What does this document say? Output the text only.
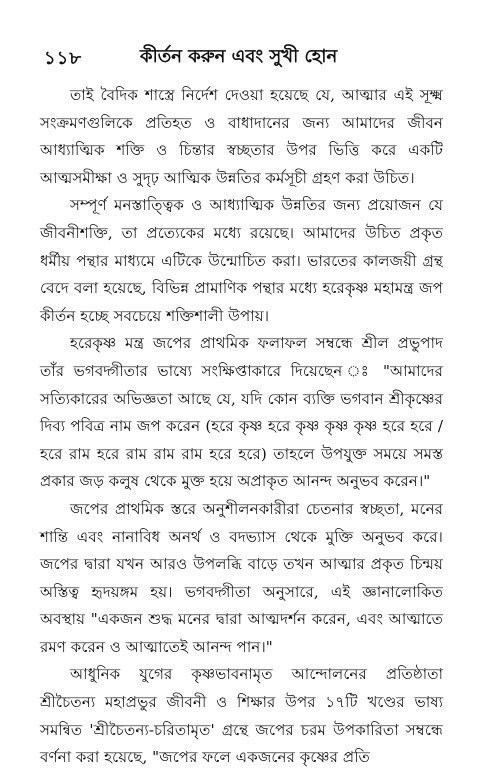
১১৮	কীর্তন করুন এবং সুখী হোন

তাই বৈদিক শাস্ত্রে নির্দেশ দেওয়া হয়েছে যে, আত্মার এই সূক্ষ্ম সংক্রমণগুলিকে প্রতিহত ও বাধাদানের জন্য আমাদের জীবন আধ্যাত্মিক শক্তি ও চিন্তার স্বচ্ছতার উপর ভিত্তি করে একটি আত্মসমীক্ষা ও সুদৃঢ় আত্মিক উন্নতির কর্মসূচী গ্রহণ করা উচিত।

সম্পূর্ণ মনস্তাত্ত্বিক ও আধ্যাত্মিক উন্নতির জন্য প্রয়োজন যে জীবনীশক্তি, তা প্রত্যেকের মধ্যে রয়েছে। আমাদের উচিত প্রকৃত ধর্মীয় পন্থার মাধ্যমে এটিকে উন্মোচিত করা। ভারতের কালজয়ী গ্রন্থ বেদে বলা হয়েছে, বিভিন্ন প্রামাণিক পন্থার মধ্যে হরেকৃষ্ণ মহামন্ত্র জপ কীর্তন হচ্ছে সবচেয়ে শক্তিশালী উপায়।

হরেকৃষ্ণ মন্ত্র জপের প্রাথমিক ফলাফল সম্বন্ধে শ্রীল প্রভুপাদ তাঁর ভগবদ্গীতার ভাষ্যে সংক্ষিপ্তাকারে দিয়েছেন ঃ "আমাদের সত্যিকারের অভিজ্ঞতা আছে যে, যদি কোন ব্যক্তি ভগবান শ্রীকৃষ্ণের দিব্য পবিত্র নাম জপ করেন (হরে কৃষ্ণ হরে কৃষ্ণ কৃষ্ণ কৃষ্ণ হরে হরে / হরে রাম হরে রাম রাম রাম হরে হরে) তাহলে উপযুক্ত সময়ে সমস্ত প্রকার জড় কলুষ থেকে মুক্ত হয়ে অপ্রাকৃত আনন্দ অনুভব করেন।"

জপের প্রাথমিক স্তরে অনুশীলনকারীরা চেতনার স্বচ্ছতা, মনের শান্তি এবং নানাবিধ অনর্থ ও বদভ্যাস থেকে মুক্তি অনুভব করে। জপের দ্বারা যখন আরও উপলব্ধি বাড়ে তখন আত্মার প্রকৃত চিন্ময় অস্তিত্ব হৃদয়ঙ্গম হয়। ভগবদ্গীতা অনুসারে, এই জ্ঞানালোকিত অবস্থায় "একজন শুদ্ধ মনের দ্বারা আত্মদর্শন করেন, এবং আত্মাতে রমণ করেন ও আত্মাতেই আনন্দ পান।"

আধুনিক যুগের কৃষ্ণভাবনামৃত আন্দোলনের প্রতিষ্ঠাতা শ্রীচৈতন্য মহাপ্রভুর জীবনী ও শিক্ষার উপর ১৭টি খণ্ডের ভাষ্য সমন্বিত 'শ্রীচৈতন্য-চরিতামৃত' গ্রন্থে জপের চরম উপকারিতা সম্বন্ধে বর্ণনা করা হয়েছে, "জপের ফলে একজনের কৃষ্ণের প্রতি
